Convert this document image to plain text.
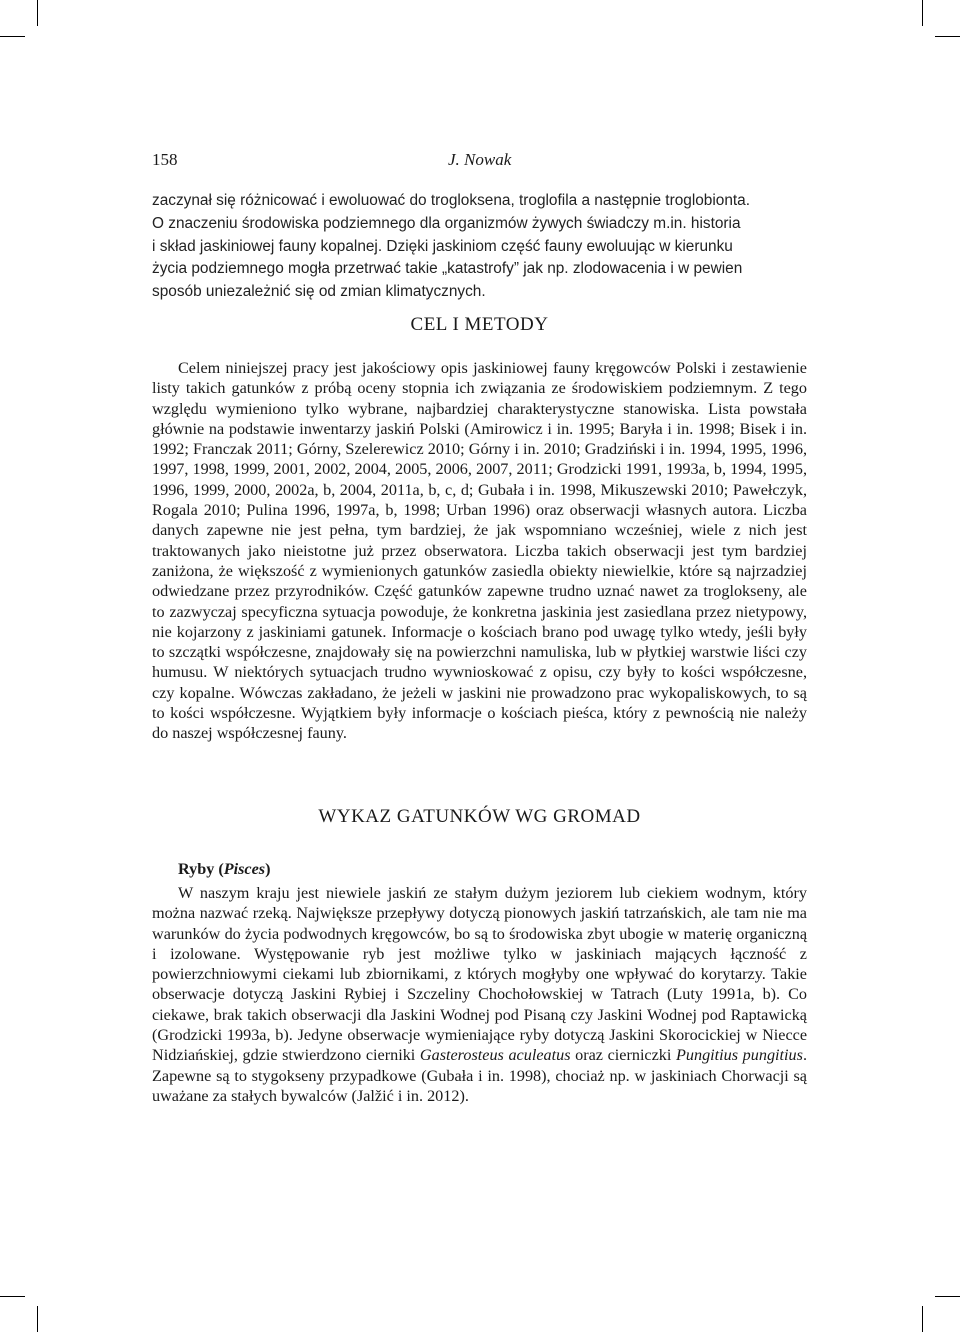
158	J. Nowak

zaczynał się różnicować i ewoluować do trogloksena, troglofila a następnie troglobionta.
O znaczeniu środowiska podziemnego dla organizmów żywych świadczy m.in. historia
i skład jaskiniowej fauny kopalnej. Dzięki jaskiniom część fauny ewoluując w kierunku
życia podziemnego mogła przetrwać takie „katastrofy” jak np. zlodowacenia i w pewien
sposób uniezależnić się od zmian klimatycznych.

CEL I METODY

Celem niniejszej pracy jest jakościowy opis jaskiniowej fauny kręgowców Polski i zestawienie listy takich gatunków z próbą oceny stopnia ich związania ze środowiskiem podziemnym. Z tego względu wymieniono tylko wybrane, najbardziej charakterystyczne stanowiska. Lista powstała głównie na podstawie inwentarzy jaskiń Polski (Amirowicz i in. 1995; Baryła i in. 1998; Bisek i in. 1992; Franczak 2011; Górny, Szelerewicz 2010; Górny i in. 2010; Gradziński i in. 1994, 1995, 1996, 1997, 1998, 1999, 2001, 2002, 2004, 2005, 2006, 2007, 2011; Grodzicki 1991, 1993a, b, 1994, 1995, 1996, 1999, 2000, 2002a, b, 2004, 2011a, b, c, d; Gubała i in. 1998, Mikuszewski 2010; Pawełczyk, Rogala 2010; Pulina 1996, 1997a, b, 1998; Urban 1996) oraz obserwacji własnych autora. Liczba danych zapewne nie jest pełna, tym bardziej, że jak wspomniano wcześniej, wiele z nich jest traktowanych jako nieistotne już przez obserwatora. Liczba takich obserwacji jest tym bardziej zaniżona, że większość z wymienionych gatunków zasiedla obiekty niewielkie, które są najrzadziej odwiedzane przez przyrodników. Część gatunków zapewne trudno uznać nawet za troglokseny, ale to zazwyczaj specyficzna sytuacja powoduje, że konkretna jaskinia jest zasiedlana przez nietypowy, nie kojarzony z jaskiniami gatunek. Informacje o kościach brano pod uwagę tylko wtedy, jeśli były to szczątki współczesne, znajdowały się na powierzchni namuliska, lub w płytkiej warstwie liści czy humusu. W niektórych sytuacjach trudno wywnioskować z opisu, czy były to kości współczesne, czy kopalne. Wówczas zakładano, że jeżeli w jaskini nie prowadzono prac wykopaliskowych, to są to kości współczesne. Wyjątkiem były informacje o kościach pieśca, który z pewnością nie należy do naszej współczesnej fauny.

WYKAZ GATUNKÓW WG GROMAD

Ryby (Pisces)

W naszym kraju jest niewiele jaskiń ze stałym dużym jeziorem lub ciekiem wodnym, który można nazwać rzeką. Największe przepływy dotyczą pionowych jaskiń tatrzańskich, ale tam nie ma warunków do życia podwodnych kręgowców, bo są to środowiska zbyt ubogie w materię organiczną i izolowane. Występowanie ryb jest możliwe tylko w jaskiniach mających łączność z powierzchniowymi ciekami lub zbiornikami, z których mogłyby one wpływać do korytarzy. Takie obserwacje dotyczą Jaskini Rybiej i Szczeliny Chochołowskiej w Tatrach (Luty 1991a, b). Co ciekawe, brak takich obserwacji dla Jaskini Wodnej pod Pisaną czy Jaskini Wodnej pod Raptawicką (Grodzicki 1993a, b). Jedyne obserwacje wymieniające ryby dotyczą Jaskini Skorocickiej w Niecce Nidziańskiej, gdzie stwierdzono cierniki Gasterosteus aculeatus oraz cierniczki Pungitius pungitius. Zapewne są to stygokseny przypadkowe (Gubała i in. 1998), chociaż np. w jaskiniach Chorwacji są uważane za stałych bywalców (Jalžić i in. 2012).
